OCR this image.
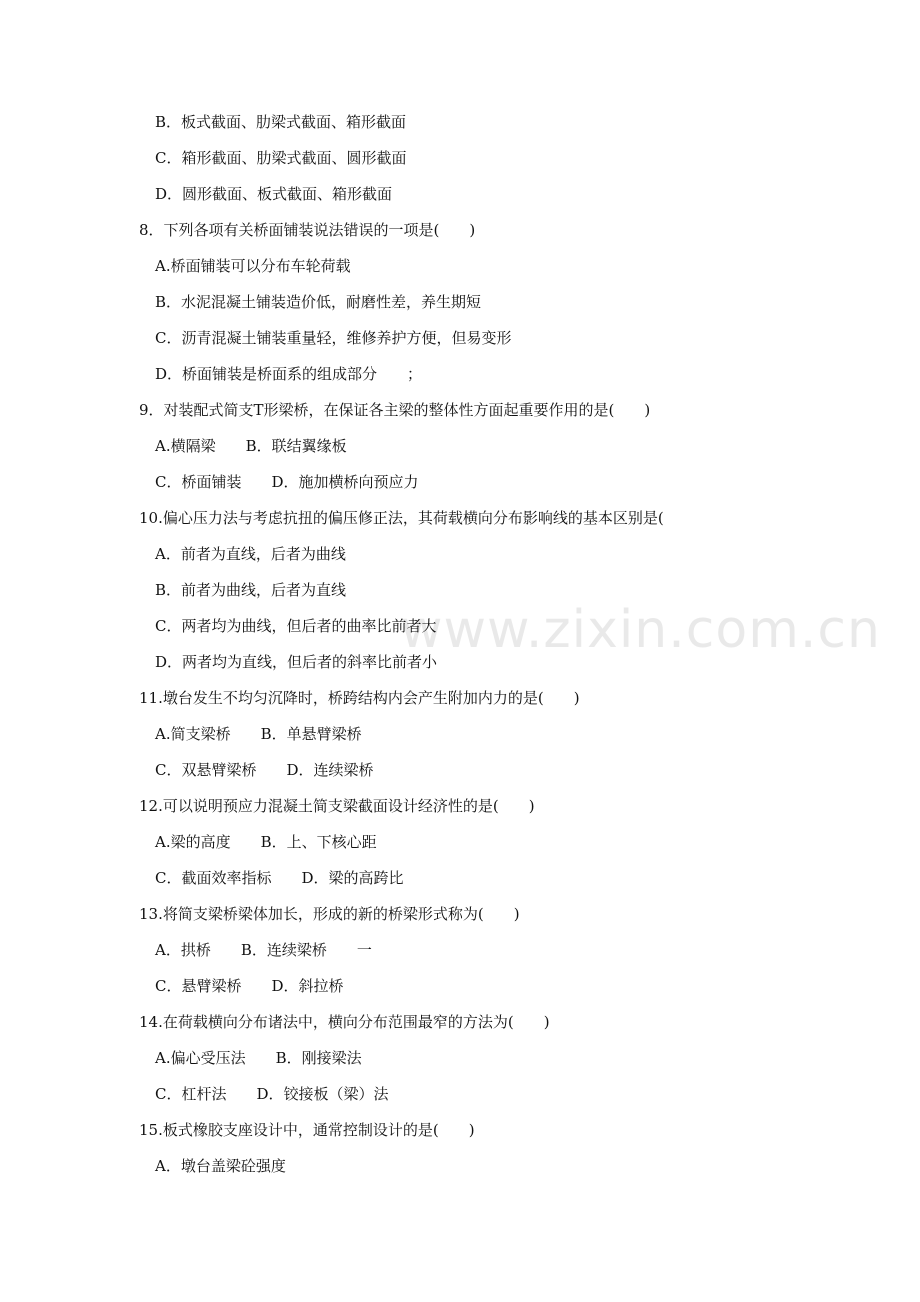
www.zixin.com.cn
B．板式截面、肋梁式截面、箱形截面
C．箱形截面、肋梁式截面、圆形截面
D．圆形截面、板式截面、箱形截面
8．下列各项有关桥面铺装说法错误的一项是(　　)
A.桥面铺装可以分布车轮荷载
B．水泥混凝土铺装造价低，耐磨性差，养生期短
C．沥青混凝土铺装重量轻，维修养护方便，但易变形
D．桥面铺装是桥面系的组成部分　　；
9．对装配式简支T形梁桥，在保证各主梁的整体性方面起重要作用的是(　　)
A.横隔梁　　B．联结翼缘板
C．桥面铺装　　D．施加横桥向预应力
10.偏心压力法与考虑抗扭的偏压修正法，其荷载横向分布影响线的基本区别是(
A．前者为直线，后者为曲线
B．前者为曲线，后者为直线
C．两者均为曲线，但后者的曲率比前者大
D．两者均为直线，但后者的斜率比前者小
11.墩台发生不均匀沉降时，桥跨结构内会产生附加内力的是(　　)
A.简支梁桥　　B．单悬臂梁桥
C．双悬臂梁桥　　D．连续梁桥
12.可以说明预应力混凝土简支梁截面设计经济性的是(　　)
A.梁的高度　　B．上、下核心距
C．截面效率指标　　D．梁的高跨比
13.将简支梁桥梁体加长，形成的新的桥梁形式称为(　　)
A．拱桥　　B．连续梁桥　　一
C．悬臂梁桥　　D．斜拉桥
14.在荷载横向分布诸法中，横向分布范围最窄的方法为(　　)
A.偏心受压法　　B．刚接梁法
C．杠杆法　　D．铰接板（梁）法
15.板式橡胶支座设计中，通常控制设计的是(　　)
A．墩台盖梁砼强度
